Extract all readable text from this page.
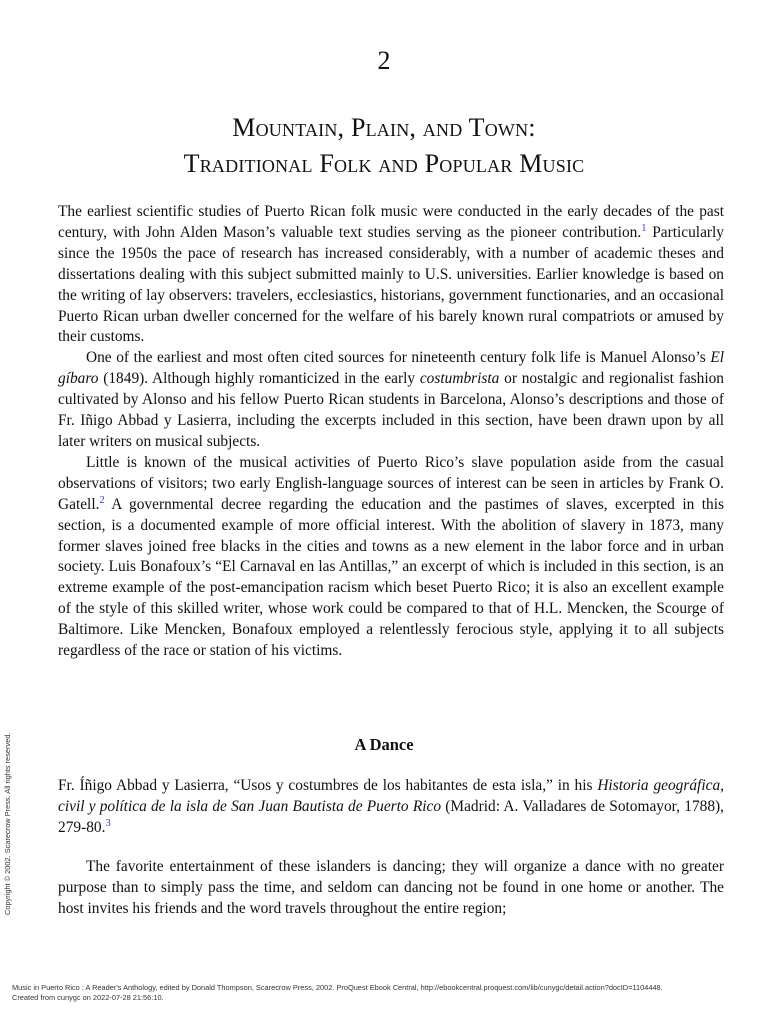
2
Mountain, Plain, and Town:
Traditional Folk and Popular Music

The earliest scientific studies of Puerto Rican folk music were conducted in the early decades of the past century, with John Alden Mason’s valuable text studies serving as the pioneer contribution.$^1$ Particularly since the 1950s the pace of research has increased considerably, with a number of academic theses and dissertations dealing with this subject submitted mainly to U.S. universities. Earlier knowledge is based on the writing of lay observers: travelers, ecclesiastics, historians, government functionaries, and an occasional Puerto Rican urban dweller concerned for the welfare of his barely known rural compatriots or amused by their customs.

One of the earliest and most often cited sources for nineteenth century folk life is Manuel Alonso’s El gíbaro (1849). Although highly romanticized in the early costumbrista or nostalgic and regionalist fashion cultivated by Alonso and his fellow Puerto Rican students in Barcelona, Alonso’s descriptions and those of Fr. Iñigo Abbad y Lasierra, including the excerpts included in this section, have been drawn upon by all later writers on musical subjects.

Little is known of the musical activities of Puerto Rico’s slave population aside from the casual observations of visitors; two early English-language sources of interest can be seen in articles by Frank O. Gatell.$^2$ A governmental decree regarding the education and the pastimes of slaves, excerpted in this section, is a documented example of more official interest. With the abolition of slavery in 1873, many former slaves joined free blacks in the cities and towns as a new element in the labor force and in urban society. Luis Bonafoux’s “El Carnaval en las Antillas,” an excerpt of which is included in this section, is an extreme example of the post-emancipation racism which beset Puerto Rico; it is also an excellent example of the style of this skilled writer, whose work could be compared to that of H.L. Mencken, the Scourge of Baltimore. Like Mencken, Bonafoux employed a relentlessly ferocious style, applying it to all subjects regardless of the race or station of his victims.

A Dance

Fr. Íñigo Abbad y Lasierra, “Usos y costumbres de los habitantes de esta isla,” in his Historia geográfica, civil y política de la isla de San Juan Bautista de Puerto Rico (Madrid: A. Valladares de Sotomayor, 1788), 279-80.$^3$

The favorite entertainment of these islanders is dancing; they will organize a dance with no greater purpose than to simply pass the time, and seldom can dancing not be found in one home or another. The host invites his friends and the word travels throughout the entire region;

Copyright © 2002. Scarecrow Press. All rights reserved.
Music in Puerto Rico : A Reader's Anthology, edited by Donald Thompson, Scarecrow Press, 2002. ProQuest Ebook Central, http://ebookcentral.proquest.com/lib/cunygc/detail.action?docID=1104448.
Created from cunygc on 2022-07-28 21:56:10.
